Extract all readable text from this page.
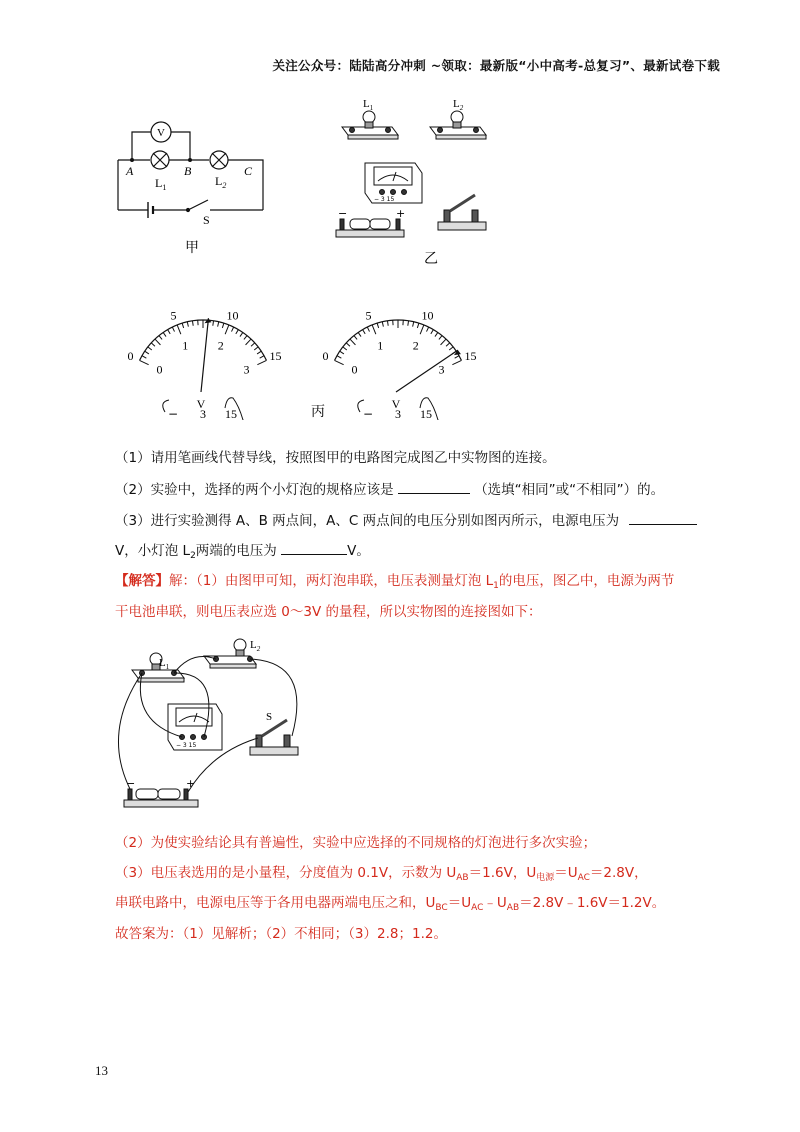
关注公众号：陆陆高分冲刺 ~领取：最新版“小中高考-总复习”、最新试卷下载
V
A	B	C
$L_1$	$L_2$
S
甲
$L_1$	$L_2$
− 3 15
−	+
乙
0
5	10
15
0
1 2
3
V
− 3 15
0
5	10
15
0
1 2
3
V
− 3 15
丙
（1）请用笔画线代替导线，按照图甲的电路图完成图乙中实物图的连接。
（2）实验中，选择的两个小灯泡的规格应该是	（选填“相同”或“不相同”）的。
（3）进行实验测得 A、B 两点间，A、C 两点间的电压分别如图丙所示，电源电压为
V，小灯泡 $L_2$两端的电压为	V。
【解答】解：（1）由图甲可知，两灯泡串联，电压表测量灯泡 $L_1$的电压，图乙中，电源为两节
干电池串联，则电压表应选 0～3V 的量程，所以实物图的连接图如下：
$L_1$
$L_2$
S
− 3 15
−	+
（2）为使实验结论具有普遍性，实验中应选择的不同规格的灯泡进行多次实验；
（3）电压表选用的是小量程，分度值为 0.1V，示数为 $U_{AB}=1.6V$，$U_{电源}=U_{AC}=2.8V$，
串联电路中，电源电压等于各用电器两端电压之和，$U_{BC}=U_{AC}﹣U_{AB}=2.8V﹣1.6V=1.2V$。
故答案为：（1）见解析；（2）不相同；（3）2.8；1.2。
13
